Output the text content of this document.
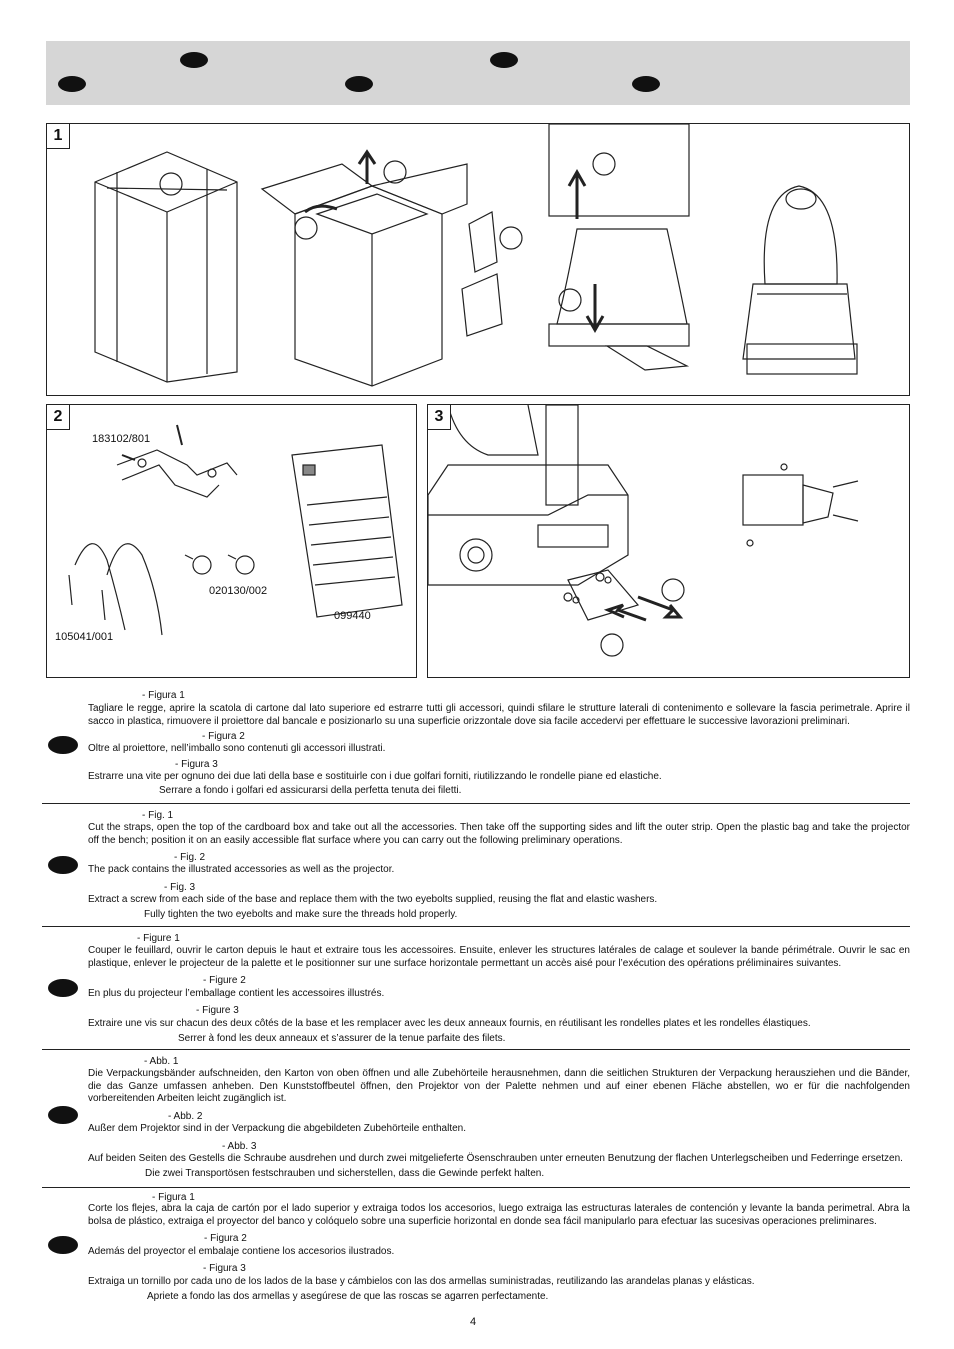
1
2
183102/801
020130/002
099440
105041/001
3
- Figura 1
Tagliare le regge, aprire la scatola di cartone dal lato superiore ed estrarre tutti gli accessori, quindi sfilare le strutture laterali di contenimento e sollevare la fascia perimetrale. Aprire il sacco in plastica, rimuovere il proiettore dal bancale e posizionarlo su una superficie orizzontale dove sia facile accedervi per effettuare le successive lavorazioni preliminari.
- Figura 2
Oltre al proiettore, nell’imballo sono contenuti gli accessori illustrati.
- Figura 3
Estrarre una vite per ognuno dei due lati della base e sostituirle con i due golfari forniti, riutilizzando le rondelle piane ed elastiche.
Serrare a fondo i golfari ed assicurarsi della perfetta tenuta dei filetti.
- Fig. 1
Cut the straps, open the top of the cardboard box and take out all the accessories. Then take off the supporting sides and lift the outer strip. Open the plastic bag and take the projector off the bench; position it on an easily accessible flat surface where you can carry out the following preliminary operations.
- Fig. 2
The pack contains the illustrated accessories as well as the projector.
- Fig. 3
Extract a screw from each side of the base and replace them with the two eyebolts supplied, reusing the flat and elastic washers.
Fully tighten the two eyebolts and make sure the threads hold properly.
- Figure 1
Couper le feuillard, ouvrir le carton depuis le haut et extraire tous les accessoires. Ensuite, enlever les structures latérales de calage et soulever la bande périmétrale. Ouvrir le sac en plastique, enlever le projecteur de la palette et le positionner sur une surface horizontale permettant un accès aisé pour l’exécution des opérations préliminaires suivantes.
- Figure 2
En plus du projecteur l’emballage contient les accessoires illustrés.
- Figure 3
Extraire une vis sur chacun des deux côtés de la base et les remplacer avec les deux anneaux fournis, en réutilisant les rondelles plates et les rondelles élastiques.
Serrer à fond les deux anneaux et s’assurer de la tenue parfaite des filets.
- Abb. 1
Die Verpackungsbänder aufschneiden, den Karton von oben öffnen und alle Zubehörteile herausnehmen, dann die seitlichen Strukturen der Verpackung herausziehen und die Bänder, die das Ganze umfassen anheben. Den Kunststoffbeutel öffnen, den Projektor von der Palette nehmen und auf einer ebenen Fläche abstellen, wo er für die nachfolgenden vorbereitenden Arbeiten leicht zugänglich ist.
- Abb. 2
Außer dem Projektor sind in der Verpackung die abgebildeten Zubehörteile enthalten.
- Abb. 3
Auf beiden Seiten des Gestells die Schraube ausdrehen und durch zwei mitgelieferte Ösenschrauben unter erneuten Benutzung der flachen Unterlegscheiben und Federringe ersetzen.
Die zwei Transportösen festschrauben und sicherstellen, dass die Gewinde perfekt halten.
- Figura 1
Corte los flejes, abra la caja de cartón por el lado superior y extraiga todos los accesorios, luego extraiga las estructuras laterales de contención y levante la banda perimetral. Abra la bolsa de plástico, extraiga el proyector del banco y colóquelo sobre una superficie horizontal en donde sea fácil manipularlo para efectuar las sucesivas operaciones preliminares.
- Figura 2
Además del proyector el embalaje contiene los accesorios ilustrados.
- Figura 3
Extraiga un tornillo por cada uno de los lados de la base y cámbielos con las dos armellas suministradas, reutilizando las arandelas planas y elásticas.
Apriete a fondo las dos armellas y asegúrese de que las roscas se agarren perfectamente.
4
